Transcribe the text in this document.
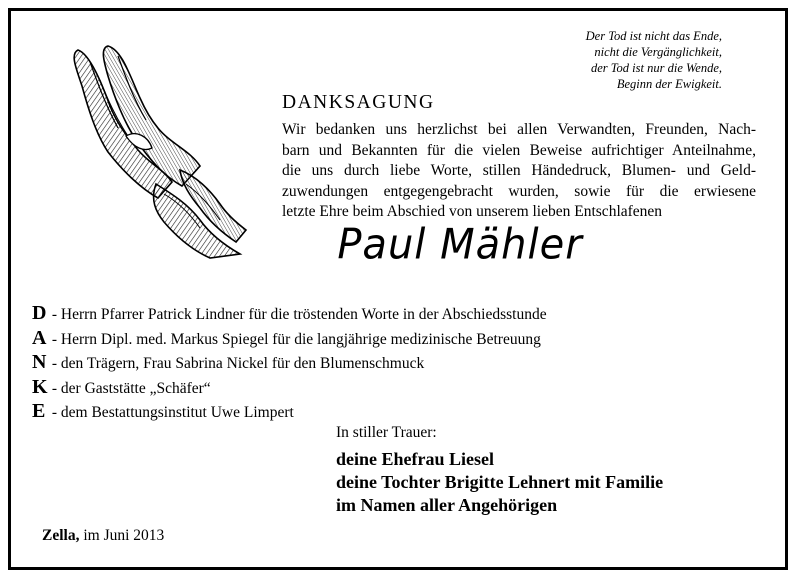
Der Tod ist nicht das Ende,
nicht die Vergänglichkeit,
der Tod ist nur die Wende,
Beginn der Ewigkeit.
DANKSAGUNG
Wir bedanken uns herzlichst bei allen Verwandten, Freunden, Nach-
barn und Bekannten für die vielen Beweise aufrichtiger Anteilnahme,
die uns durch liebe Worte, stillen Händedruck, Blumen- und Geld-
zuwendungen entgegengebracht wurden, sowie für die erwiesene
letzte Ehre beim Abschied von unserem lieben Entschlafenen
Paul Mähler
D - Herrn Pfarrer Patrick Lindner für die tröstenden Worte in der Abschiedsstunde
A - Herrn Dipl. med. Markus Spiegel für die langjährige medizinische Betreuung
N - den Trägern, Frau Sabrina Nickel für den Blumenschmuck
K - der Gaststätte „Schäfer“
E - dem Bestattungsinstitut Uwe Limpert
In stiller Trauer:
deine Ehefrau Liesel
deine Tochter Brigitte Lehnert mit Familie
im Namen aller Angehörigen
Zella, im Juni 2013
